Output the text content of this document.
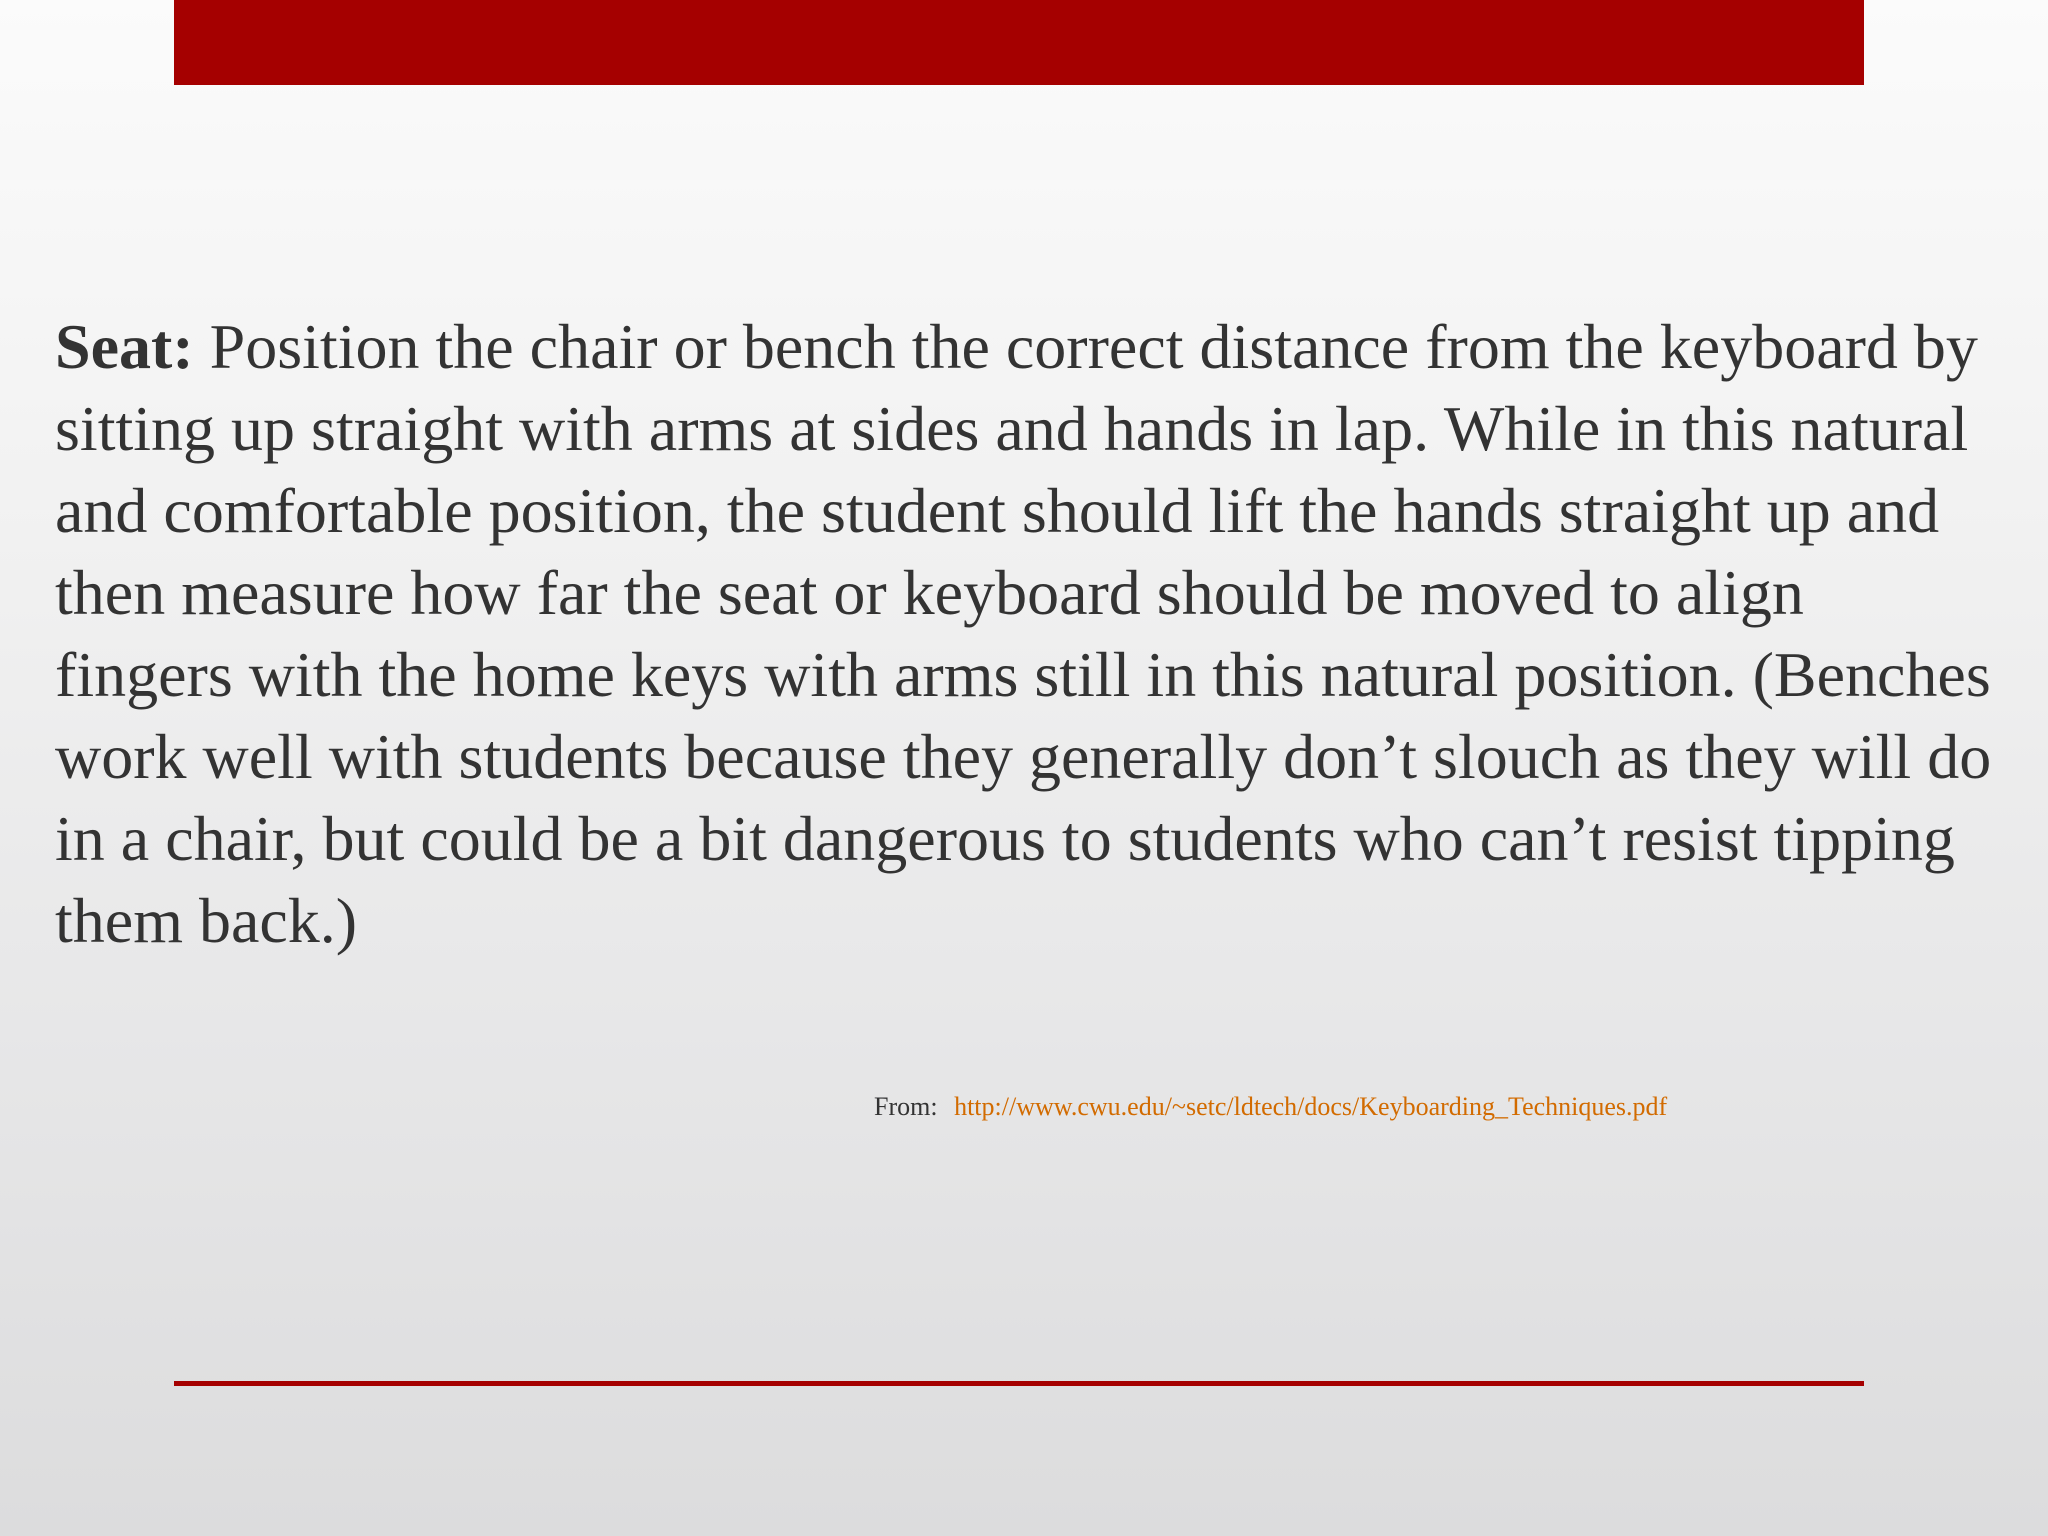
Seat: Position the chair or bench the correct distance from the keyboard by sitting up straight with arms at sides and hands in lap. While in this natural and comfortable position, the student should lift the hands straight up and then measure how far the seat or keyboard should be moved to align fingers with the home keys with arms still in this natural position. (Benches work well with students because they generally don’t slouch as they will do in a chair, but could be a bit dangerous to students who can’t resist tipping them back.)

From: http://www.cwu.edu/~setc/ldtech/docs/Keyboarding_Techniques.pdf
